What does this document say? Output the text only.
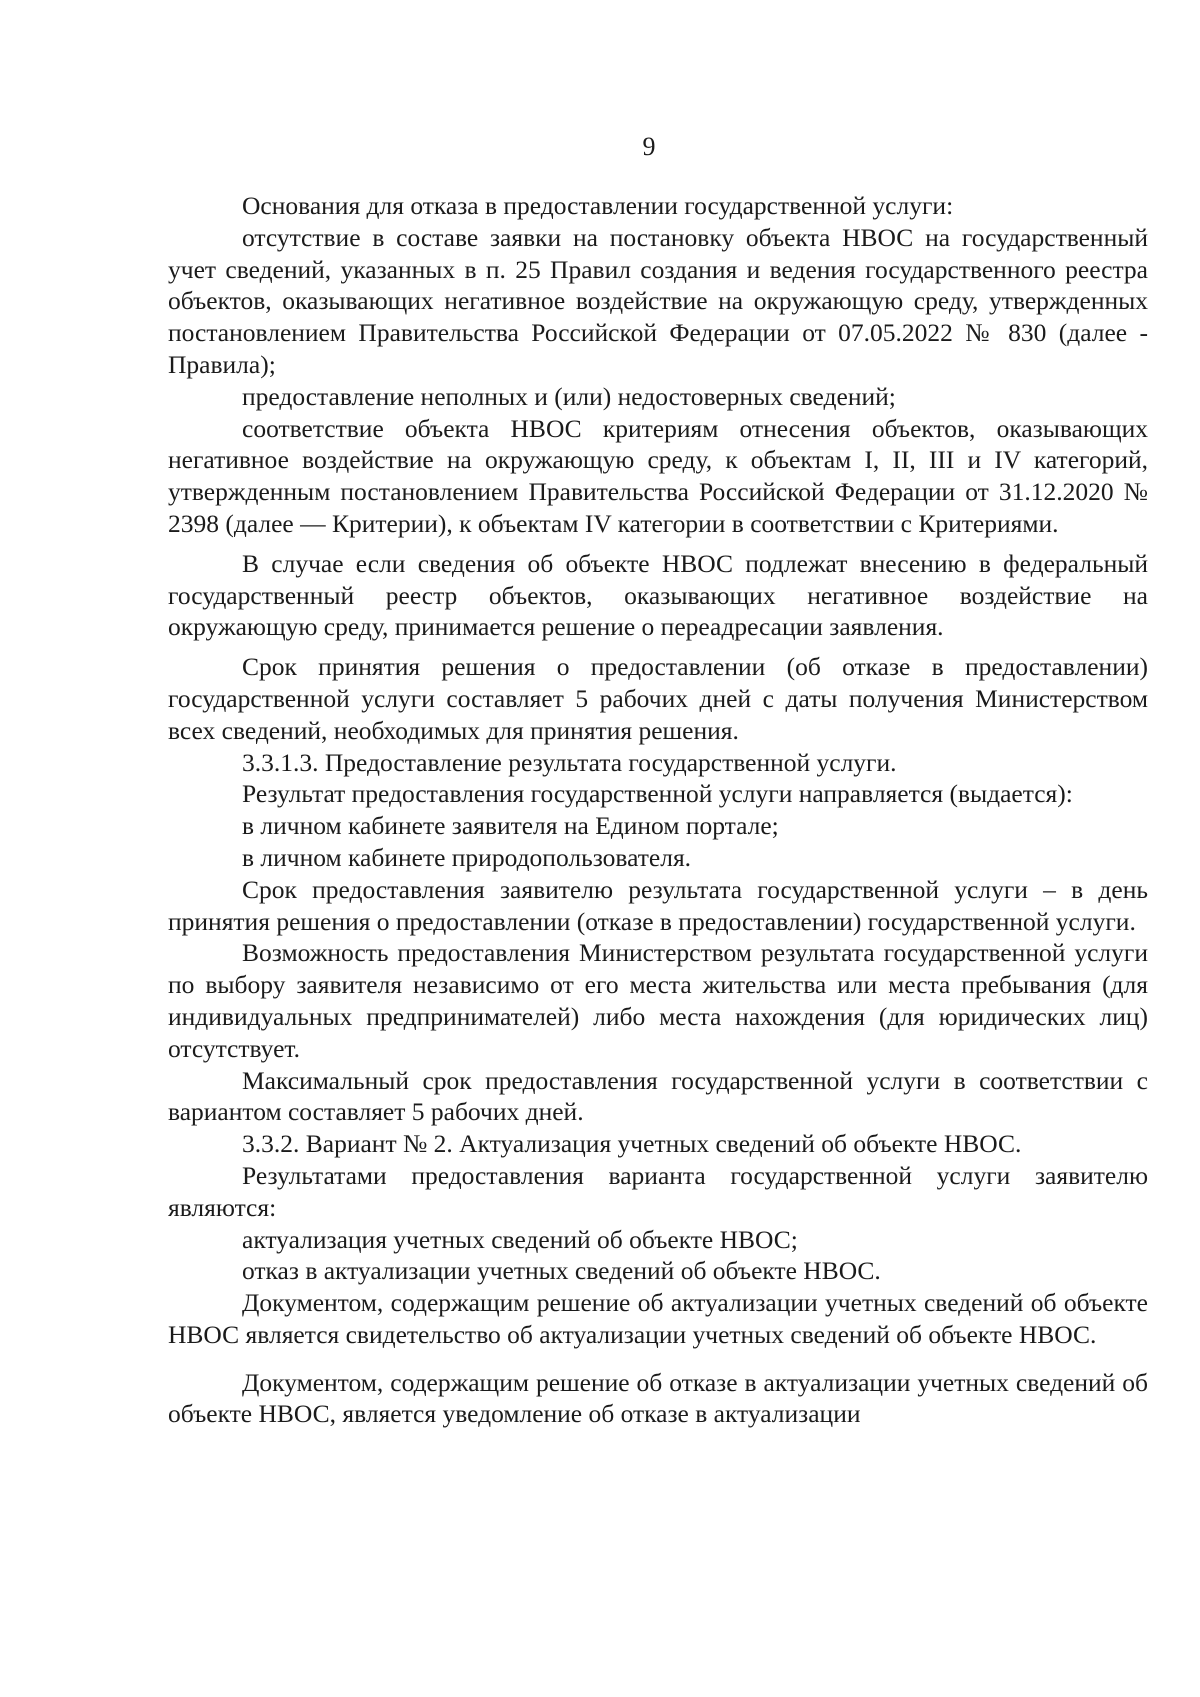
9

Основания для отказа в предоставлении государственной услуги:

отсутствие в составе заявки на постановку объекта НВОС на государственный учет сведений, указанных в п. 25 Правил создания и ведения государственного реестра объектов, оказывающих негативное воздействие на окружающую среду, утвержденных постановлением Правительства Российской Федерации от 07.05.2022 № 830 (далее - Правила);

предоставление неполных и (или) недостоверных сведений;

соответствие объекта НВОС критериям отнесения объектов, оказывающих негативное воздействие на окружающую среду, к объектам I, II, III и IV категорий, утвержденным постановлением Правительства Российской Федерации от 31.12.2020 № 2398 (далее — Критерии), к объектам IV категории в соответствии с Критериями.

В случае если сведения об объекте НВОС подлежат внесению в федеральный государственный реестр объектов, оказывающих негативное воздействие на окружающую среду, принимается решение о переадресации заявления.

Срок принятия решения о предоставлении (об отказе в предоставлении) государственной услуги составляет 5 рабочих дней с даты получения Министерством всех сведений, необходимых для принятия решения.

3.3.1.3. Предоставление результата государственной услуги.

Результат предоставления государственной услуги направляется (выдается):

в личном кабинете заявителя на Едином портале;

в личном кабинете природопользователя.

Срок предоставления заявителю результата государственной услуги – в день принятия решения о предоставлении (отказе в предоставлении) государственной услуги.

Возможность предоставления Министерством результата государственной услуги по выбору заявителя независимо от его места жительства или места пребывания (для индивидуальных предпринимателей) либо места нахождения (для юридических лиц) отсутствует.

Максимальный срок предоставления государственной услуги в соответствии с вариантом составляет 5 рабочих дней.

3.3.2. Вариант № 2. Актуализация учетных сведений об объекте НВОС.

Результатами предоставления варианта государственной услуги заявителю являются:

актуализация учетных сведений об объекте НВОС;

отказ в актуализации учетных сведений об объекте НВОС.

Документом, содержащим решение об актуализации учетных сведений об объекте НВОС является свидетельство об актуализации учетных сведений об объекте НВОС.

Документом, содержащим решение об отказе в актуализации учетных сведений об объекте НВОС, является уведомление об отказе в актуализации
